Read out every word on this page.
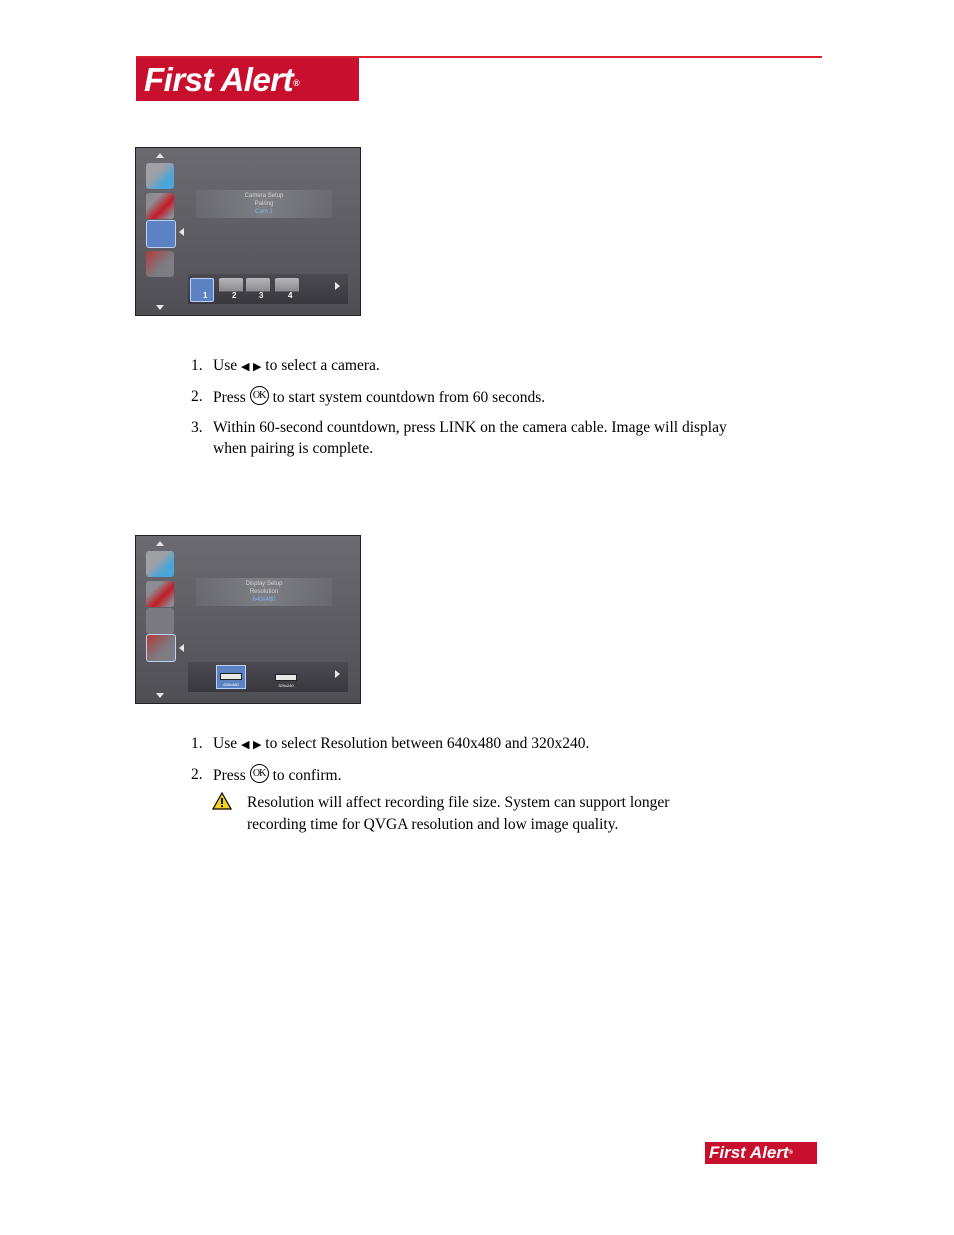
First Alert®
Camera Setup
Pairing
Cam 1
1	2	3	4
1. Use ◀ ▶ to select a camera.
2. Press OK to start system countdown from 60 seconds.
3. Within 60-second countdown, press LINK on the camera cable. Image will display when pairing is complete.
Display Setup
Resolution
640x480
640x480	320x240
1. Use ◀ ▶ to select Resolution between 640x480 and 320x240.
2. Press OK to confirm.
Resolution will affect recording file size. System can support longer recording time for QVGA resolution and low image quality.
First Alert®
